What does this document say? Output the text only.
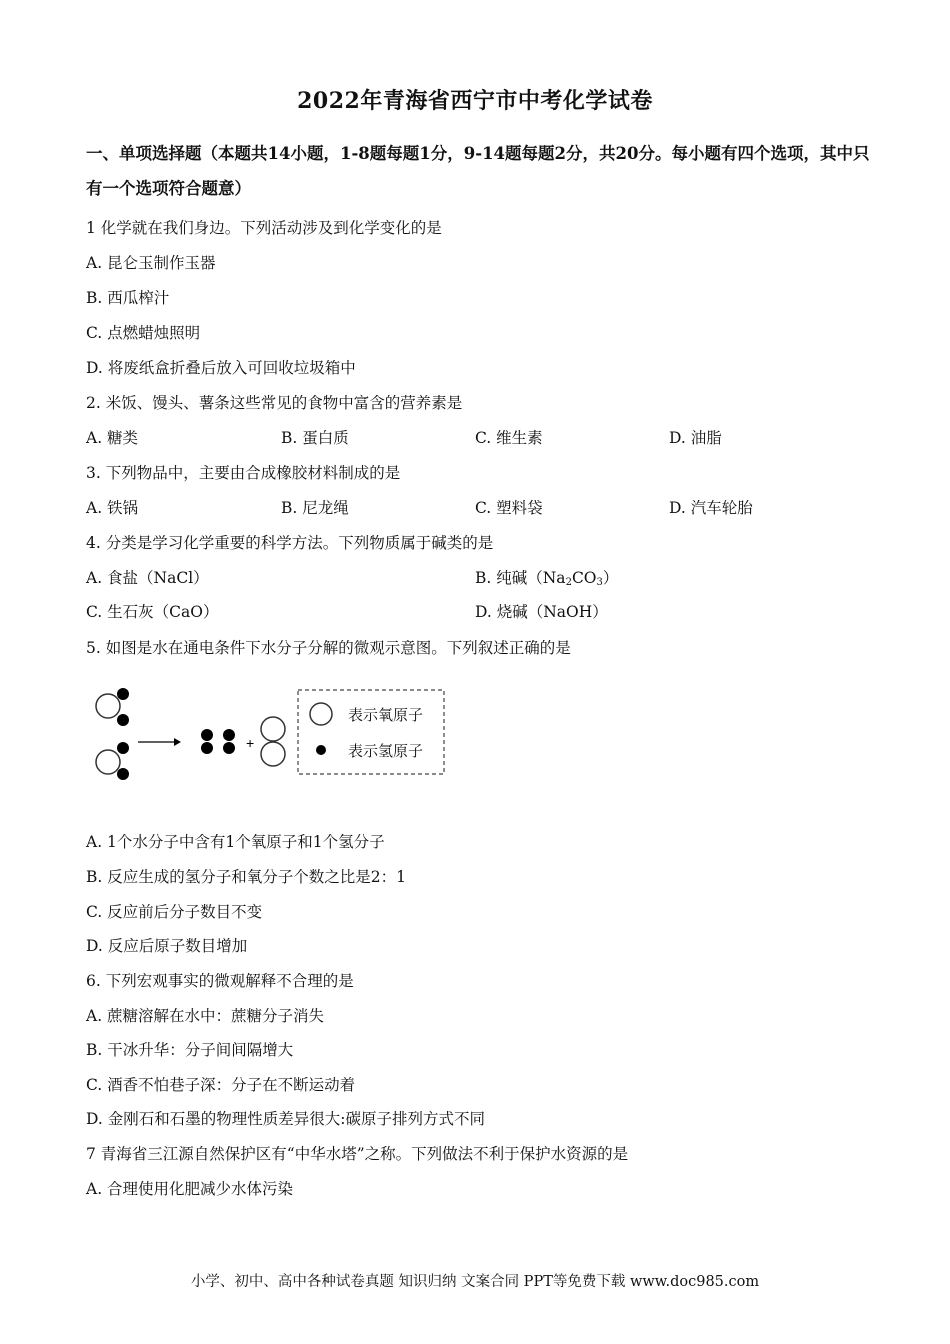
2022年青海省西宁市中考化学试卷
一、单项选择题（本题共14小题，1-8题每题1分，9-14题每题2分，共20分。每小题有四个选项，其中只有一个选项符合题意）
1 化学就在我们身边。下列活动涉及到化学变化的是
A. 昆仑玉制作玉器
B. 西瓜榨汁
C. 点燃蜡烛照明
D. 将废纸盒折叠后放入可回收垃圾箱中
2. 米饭、馒头、薯条这些常见的食物中富含的营养素是
A. 糖类	B. 蛋白质	C. 维生素	D. 油脂
3. 下列物品中，主要由合成橡胶材料制成的是
A. 铁锅	B. 尼龙绳	C. 塑料袋	D. 汽车轮胎
4. 分类是学习化学重要的科学方法。下列物质属于碱类的是
A. 食盐（NaCl）	B. 纯碱$(Na_2CO_3)$
C. 生石灰（CaO）	D. 烧碱（NaOH）
5. 如图是水在通电条件下水分子分解的微观示意图。下列叙述正确的是
+
表示氧原子
表示氢原子
A. 1个水分子中含有1个氧原子和1个氢分子
B. 反应生成的氢分子和氧分子个数之比是2：1
C. 反应前后分子数目不变
D. 反应后原子数目增加
6. 下列宏观事实的微观解释不合理的是
A. 蔗糖溶解在水中：蔗糖分子消失
B. 干冰升华：分子间间隔增大
C. 酒香不怕巷子深：分子在不断运动着
D. 金刚石和石墨的物理性质差异很大:碳原子排列方式不同
7 青海省三江源自然保护区有“中华水塔”之称。下列做法不利于保护水资源的是
A. 合理使用化肥减少水体污染
小学、初中、高中各种试卷真题 知识归纳 文案合同 PPT等免费下载 www.doc985.com
